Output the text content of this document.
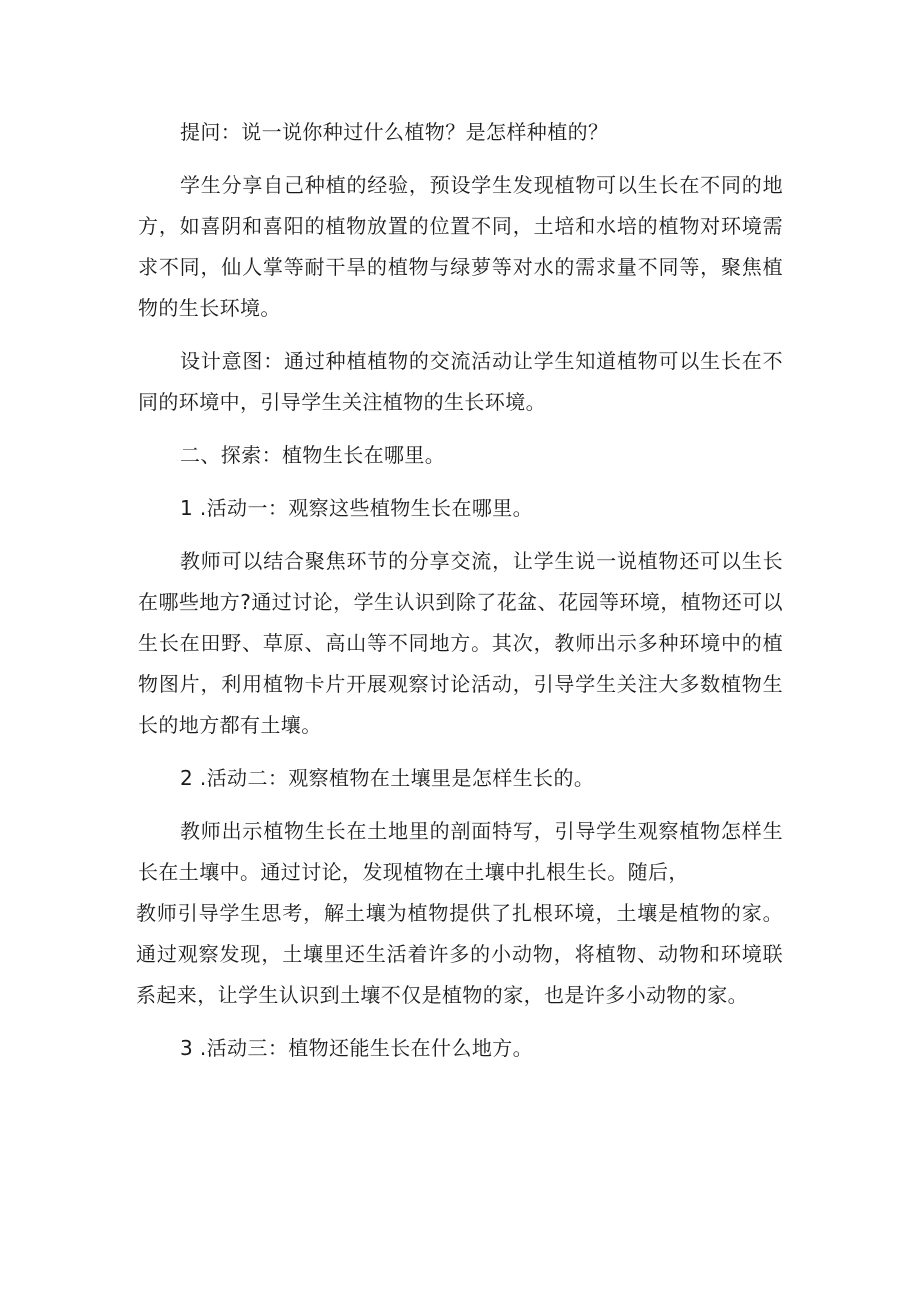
提问：说一说你种过什么植物？是怎样种植的？

学生分享自己种植的经验，预设学生发现植物可以生长在不同的地方，如喜阴和喜阳的植物放置的位置不同，土培和水培的植物对环境需求不同，仙人掌等耐干旱的植物与绿萝等对水的需求量不同等，聚焦植物的生长环境。

设计意图：通过种植植物的交流活动让学生知道植物可以生长在不同的环境中，引导学生关注植物的生长环境。

二、探索：植物生长在哪里。

1 .活动一：观察这些植物生长在哪里。

教师可以结合聚焦环节的分享交流，让学生说一说植物还可以生长在哪些地方?通过讨论，学生认识到除了花盆、花园等环境，植物还可以生长在田野、草原、高山等不同地方。其次，教师出示多种环境中的植物图片，利用植物卡片开展观察讨论活动，引导学生关注大多数植物生长的地方都有土壤。

2 .活动二：观察植物在土壤里是怎样生长的。

教师出示植物生长在土地里的剖面特写，引导学生观察植物怎样生长在土壤中。通过讨论，发现植物在土壤中扎根生长。随后，

教师引导学生思考，解土壤为植物提供了扎根环境，土壤是植物的家。通过观察发现，土壤里还生活着许多的小动物，将植物、动物和环境联系起来，让学生认识到土壤不仅是植物的家，也是许多小动物的家。

3 .活动三：植物还能生长在什么地方。
